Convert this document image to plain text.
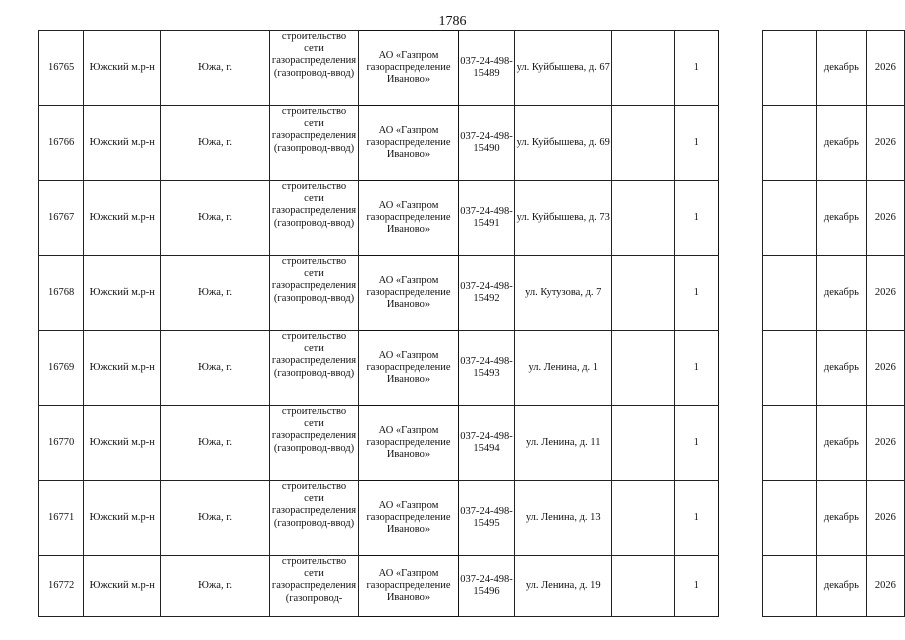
1786
16765	Южский м.р-н	Южа, г.	строительство сети газораспределения (газопровод-ввод)	АО «Газпром газораспределение Иваново»	037-24-498-15489	ул. Куйбышева, д. 67		1			декабрь	2026
16766	Южский м.р-н	Южа, г.	строительство сети газораспределения (газопровод-ввод)	АО «Газпром газораспределение Иваново»	037-24-498-15490	ул. Куйбышева, д. 69		1			декабрь	2026
16767	Южский м.р-н	Южа, г.	строительство сети газораспределения (газопровод-ввод)	АО «Газпром газораспределение Иваново»	037-24-498-15491	ул. Куйбышева, д. 73		1			декабрь	2026
16768	Южский м.р-н	Южа, г.	строительство сети газораспределения (газопровод-ввод)	АО «Газпром газораспределение Иваново»	037-24-498-15492	ул. Кутузова, д. 7		1			декабрь	2026
16769	Южский м.р-н	Южа, г.	строительство сети газораспределения (газопровод-ввод)	АО «Газпром газораспределение Иваново»	037-24-498-15493	ул. Ленина, д. 1		1			декабрь	2026
16770	Южский м.р-н	Южа, г.	строительство сети газораспределения (газопровод-ввод)	АО «Газпром газораспределение Иваново»	037-24-498-15494	ул. Ленина, д. 11		1			декабрь	2026
16771	Южский м.р-н	Южа, г.	строительство сети газораспределения (газопровод-ввод)	АО «Газпром газораспределение Иваново»	037-24-498-15495	ул. Ленина, д. 13		1			декабрь	2026
16772	Южский м.р-н	Южа, г.	строительство сети газораспределения (газопровод-	АО «Газпром газораспределение Иваново»	037-24-498-15496	ул. Ленина, д. 19		1			декабрь	2026
